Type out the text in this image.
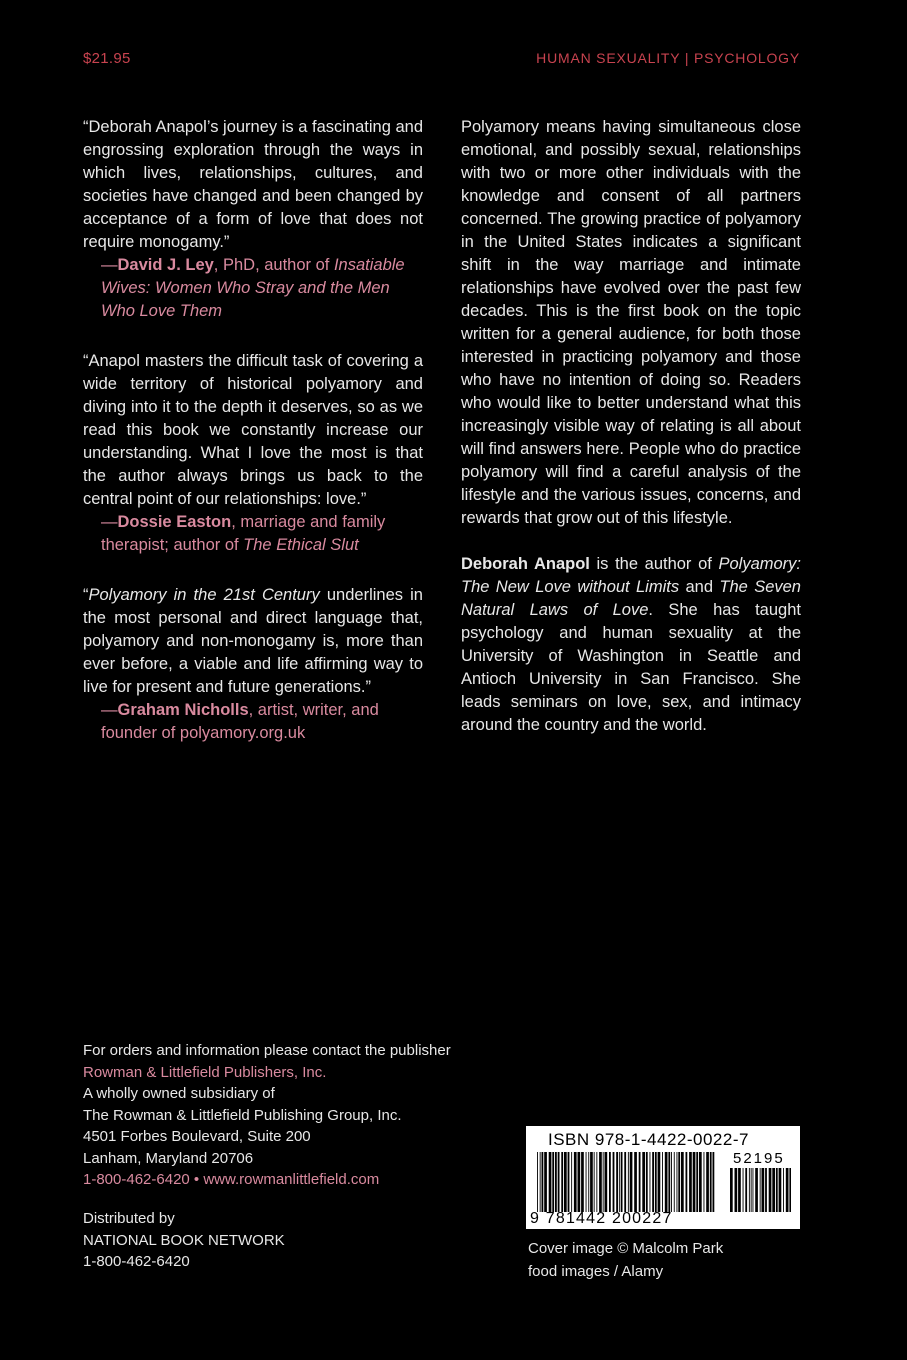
$21.95	HUMAN SEXUALITY | PSYCHOLOGY

“Deborah Anapol’s journey is a fascinating and engrossing exploration through the ways in which lives, relationships, cultures, and societies have changed and been changed by acceptance of a form of love that does not require monogamy.”

—David J. Ley, PhD, author of Insatiable Wives: Women Who Stray and the Men Who Love Them

“Anapol masters the difficult task of covering a wide territory of historical polyamory and diving into it to the depth it deserves, so as we read this book we constantly increase our understanding. What I love the most is that the author always brings us back to the central point of our relationships: love.”

—Dossie Easton, marriage and family therapist; author of The Ethical Slut

“Polyamory in the 21st Century underlines in the most personal and direct language that, polyamory and non-monogamy is, more than ever before, a viable and life affirming way to live for present and future generations.”

—Graham Nicholls, artist, writer, and founder of polyamory.org.uk

Polyamory means having simultaneous close emotional, and possibly sexual, relationships with two or more other individuals with the knowledge and consent of all partners concerned. The growing practice of polyamory in the United States indicates a significant shift in the way marriage and intimate relationships have evolved over the past few decades. This is the first book on the topic written for a general audience, for both those interested in practicing polyamory and those who have no intention of doing so. Readers who would like to better understand what this increasingly visible way of relating is all about will find answers here. People who do practice polyamory will find a careful analysis of the lifestyle and the various issues, concerns, and rewards that grow out of this lifestyle.

Deborah Anapol is the author of Polyamory: The New Love without Limits and The Seven Natural Laws of Love. She has taught psychology and human sexuality at the University of Washington in Seattle and Antioch University in San Francisco. She leads seminars on love, sex, and intimacy around the country and the world.

For orders and information please contact the publisher
Rowman & Littlefield Publishers, Inc.
A wholly owned subsidiary of
The Rowman & Littlefield Publishing Group, Inc.
4501 Forbes Boulevard, Suite 200
Lanham, Maryland 20706
1-800-462-6420 • www.rowmanlittlefield.com
Distributed by
NATIONAL BOOK NETWORK
1-800-462-6420
ISBN 978-1-4422-0022-7
52195
9 781442 200227
Cover image © Malcolm Park
food images / Alamy
